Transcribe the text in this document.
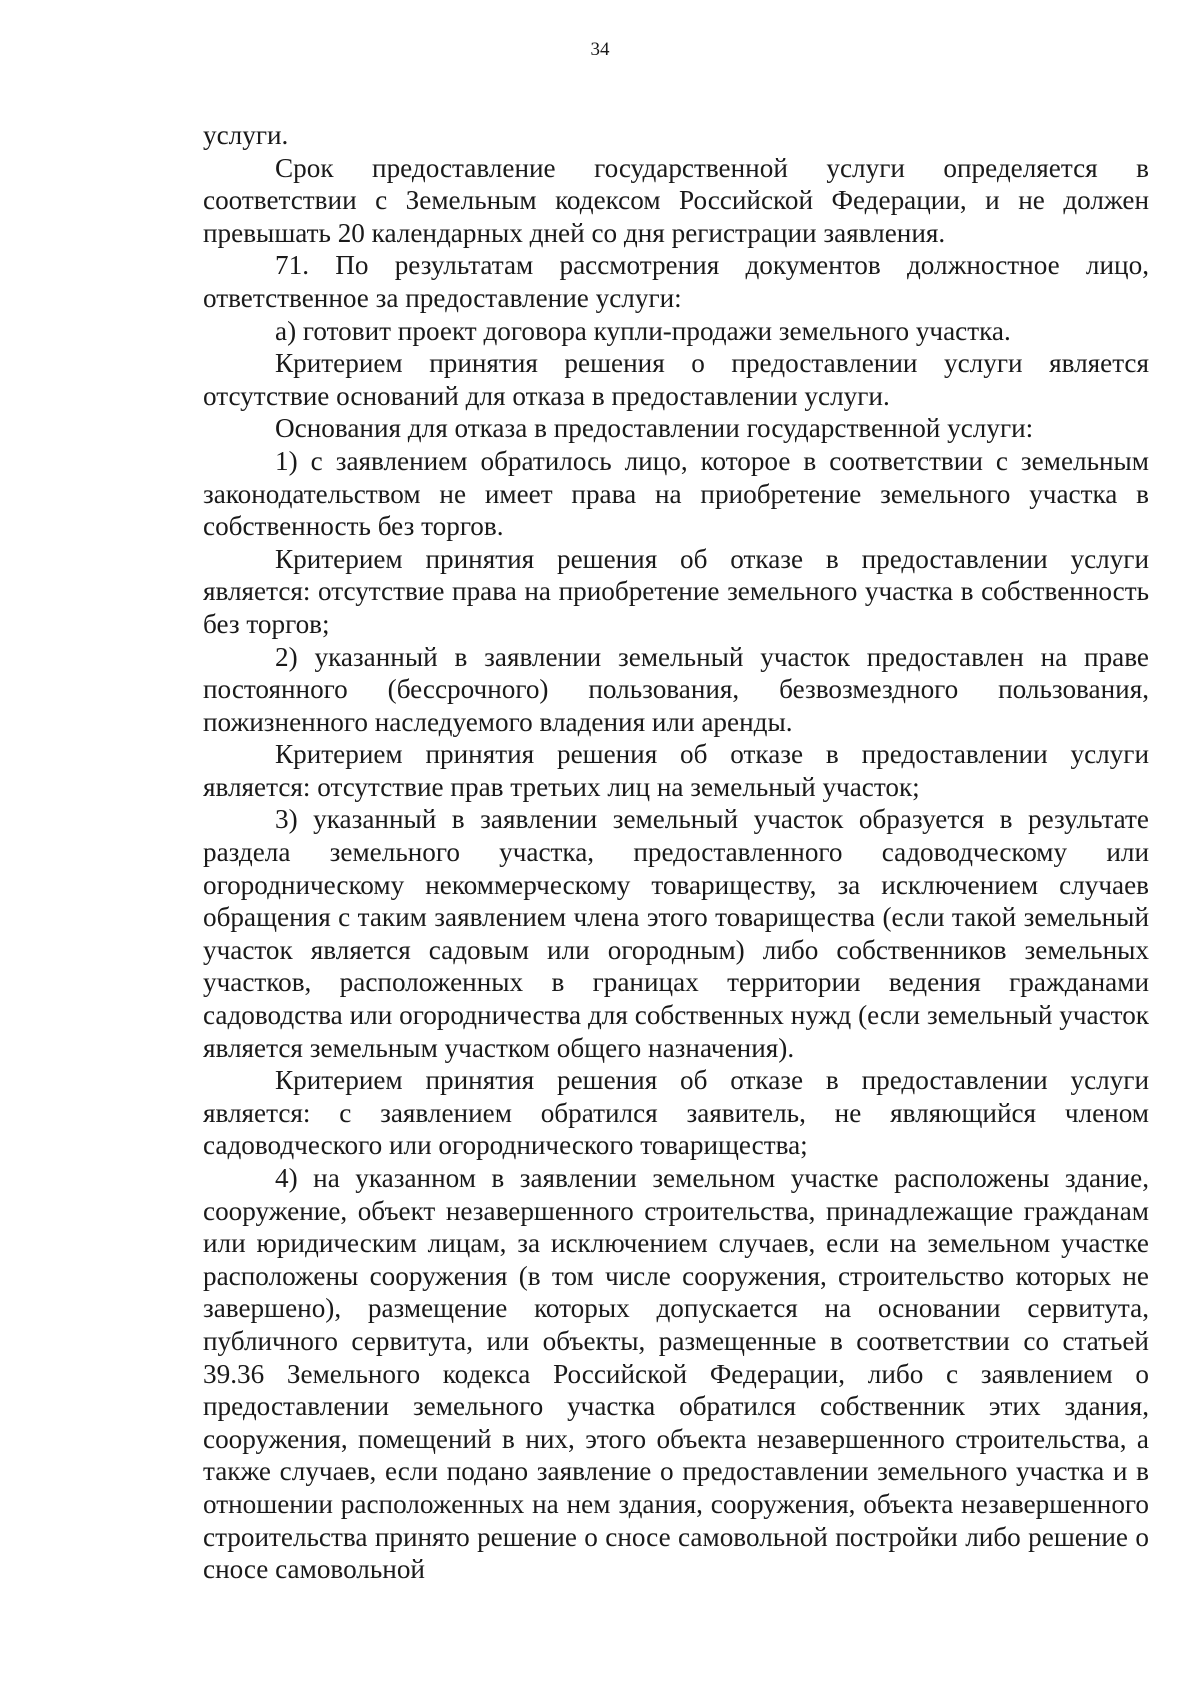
34

услуги.

Срок предоставление государственной услуги определяется в соответствии с Земельным кодексом Российской Федерации, и не должен превышать 20 календарных дней со дня регистрации заявления.

71. По результатам рассмотрения документов должностное лицо, ответственное за предоставление услуги:

а) готовит проект договора купли-продажи земельного участка.

Критерием принятия решения о предоставлении услуги является отсутствие оснований для отказа в предоставлении услуги.

Основания для отказа в предоставлении государственной услуги:

1) с заявлением обратилось лицо, которое в соответствии с земельным законодательством не имеет права на приобретение земельного участка в собственность без торгов.

Критерием принятия решения об отказе в предоставлении услуги является: отсутствие права на приобретение земельного участка в собственность без торгов;

2) указанный в заявлении земельный участок предоставлен на праве постоянного (бессрочного) пользования, безвозмездного пользования, пожизненного наследуемого владения или аренды.

Критерием принятия решения об отказе в предоставлении услуги является: отсутствие прав третьих лиц на земельный участок;

3) указанный в заявлении земельный участок образуется в результате раздела земельного участка, предоставленного садоводческому или огородническому некоммерческому товариществу, за исключением случаев обращения с таким заявлением члена этого товарищества (если такой земельный участок является садовым или огородным) либо собственников земельных участков, расположенных в границах территории ведения гражданами садоводства или огородничества для собственных нужд (если земельный участок является земельным участком общего назначения).

Критерием принятия решения об отказе в предоставлении услуги является: с заявлением обратился заявитель, не являющийся членом садоводческого или огороднического товарищества;

4) на указанном в заявлении земельном участке расположены здание, сооружение, объект незавершенного строительства, принадлежащие гражданам или юридическим лицам, за исключением случаев, если на земельном участке расположены сооружения (в том числе сооружения, строительство которых не завершено), размещение которых допускается на основании сервитута, публичного сервитута, или объекты, размещенные в соответствии со статьей 39.36 Земельного кодекса Российской Федерации, либо с заявлением о предоставлении земельного участка обратился собственник этих здания, сооружения, помещений в них, этого объекта незавершенного строительства, а также случаев, если подано заявление о предоставлении земельного участка и в отношении расположенных на нем здания, сооружения, объекта незавершенного строительства принято решение о сносе самовольной постройки либо решение о сносе самовольной
